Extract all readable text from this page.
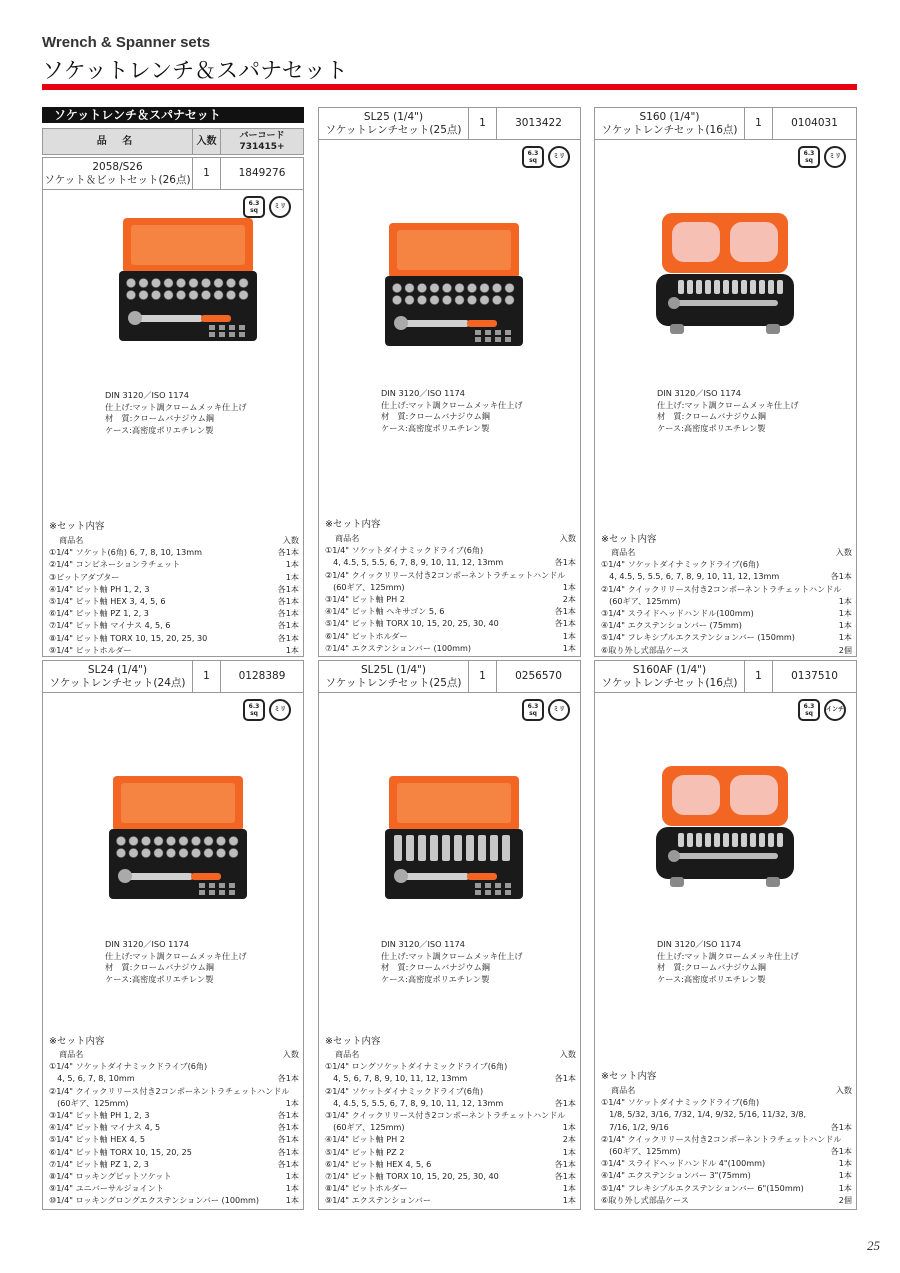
Wrench & Spanner sets
ソケットレンチ＆スパナセット
ソケットレンチ＆スパナセット
品 名	入数	バーコード
731415+
2058/S26
ソケット＆ビットセット(26点)
1	1849276
6.3
sq
ミリ
DIN 3120／ISO 1174
仕上げ:マット調クロームメッキ仕上げ
材　質:クロームバナジウム鋼
ケース:高密度ポリエチレン製
※セット内容
商品名	入数
①1/4" ソケット(6角) 6, 7, 8, 10, 13mm	各1本
②1/4" コンビネーションラチェット	1本
③ビットアダプター	1本
④1/4" ビット軸 PH 1, 2, 3	各1本
⑤1/4" ビット軸 HEX 3, 4, 5, 6	各1本
⑥1/4" ビット軸 PZ 1, 2, 3	各1本
⑦1/4" ビット軸 マイナス 4, 5, 6	各1本
⑧1/4" ビット軸 TORX 10, 15, 20, 25, 30	各1本
⑨1/4" ビットホルダー	1本
SL25 (1/4")
ソケットレンチセット(25点)
1	3013422
6.3
sq
ミリ
DIN 3120／ISO 1174
仕上げ:マット調クロームメッキ仕上げ
材　質:クロームバナジウム鋼
ケース:高密度ポリエチレン製
※セット内容
商品名	入数
①1/4" ソケットダイナミックドライブ(6角)
　4, 4.5, 5, 5.5, 6, 7, 8, 9, 10, 11, 12, 13mm	各1本
②1/4" クイックリリース付き2コンポーネントラチェットハンドル
　(60ギア、125mm)	1本
③1/4" ビット軸 PH 2	2本
④1/4" ビット軸 ヘキサゴン 5, 6	各1本
⑤1/4" ビット軸 TORX 10, 15, 20, 25, 30, 40	各1本
⑥1/4" ビットホルダー	1本
⑦1/4" エクステンションバー (100mm)	1本
S160 (1/4")
ソケットレンチセット(16点)
1	0104031
6.3
sq
ミリ
DIN 3120／ISO 1174
仕上げ:マット調クロームメッキ仕上げ
材　質:クロームバナジウム鋼
ケース:高密度ポリエチレン製
※セット内容
商品名	入数
①1/4" ソケットダイナミックドライブ(6角)
　4, 4.5, 5, 5.5, 6, 7, 8, 9, 10, 11, 12, 13mm	各1本
②1/4" クイックリリース付き2コンポーネントラチェットハンドル
　(60ギア、125mm)	1本
③1/4" スライドヘッドハンドル(100mm)	1本
④1/4" エクステンションバー (75mm)	1本
⑤1/4" フレキシブルエクステンションバー (150mm)	1本
⑥取り外し式部品ケース	2個
SL24 (1/4")
ソケットレンチセット(24点)
1	0128389
6.3
sq
ミリ
DIN 3120／ISO 1174
仕上げ:マット調クロームメッキ仕上げ
材　質:クロームバナジウム鋼
ケース:高密度ポリエチレン製
※セット内容
商品名	入数
①1/4" ソケットダイナミックドライブ(6角)
　4, 5, 6, 7, 8, 10mm	各1本
②1/4" クイックリリース付き2コンポーネントラチェットハンドル
　(60ギア、125mm)	1本
③1/4" ビット軸 PH 1, 2, 3	各1本
④1/4" ビット軸 マイナス 4, 5	各1本
⑤1/4" ビット軸 HEX 4, 5	各1本
⑥1/4" ビット軸 TORX 10, 15, 20, 25	各1本
⑦1/4" ビット軸 PZ 1, 2, 3	各1本
⑧1/4" ロッキングビットソケット	1本
⑨1/4" ユニバーサルジョイント	1本
⑩1/4" ロッキングロングエクステンションバー (100mm)	1本
SL25L (1/4")
ソケットレンチセット(25点)
1	0256570
6.3
sq
ミリ
DIN 3120／ISO 1174
仕上げ:マット調クロームメッキ仕上げ
材　質:クロームバナジウム鋼
ケース:高密度ポリエチレン製
※セット内容
商品名	入数
①1/4" ロングソケットダイナミックドライブ(6角)
　4, 5, 6, 7, 8, 9, 10, 11, 12, 13mm	各1本
②1/4" ソケットダイナミックドライブ(6角)
　4, 4.5, 5, 5.5, 6, 7, 8, 9, 10, 11, 12, 13mm	各1本
③1/4" クイックリリース付き2コンポーネントラチェットハンドル
　(60ギア、125mm)	1本
④1/4" ビット軸 PH 2	2本
⑤1/4" ビット軸 PZ 2	1本
⑥1/4" ビット軸 HEX 4, 5, 6	各1本
⑦1/4" ビット軸 TORX 10, 15, 20, 25, 30, 40	各1本
⑧1/4" ビットホルダー	1本
⑨1/4" エクステンションバー	1本
S160AF (1/4")
ソケットレンチセット(16点)
1	0137510
6.3
sq
インチ
DIN 3120／ISO 1174
仕上げ:マット調クロームメッキ仕上げ
材　質:クロームバナジウム鋼
ケース:高密度ポリエチレン製
※セット内容
商品名	入数
①1/4" ソケットダイナミックドライブ(6角)
　1/8, 5/32, 3/16, 7/32, 1/4, 9/32, 5/16, 11/32, 3/8,
　7/16, 1/2, 9/16	各1本
②1/4" クイックリリース付き2コンポーネントラチェットハンドル
　(60ギア、125mm)	各1本
③1/4" スライドヘッドハンドル 4"(100mm)	1本
④1/4" エクステンションバー 3"(75mm)	1本
⑤1/4" フレキシブルエクステンションバー 6"(150mm)	1本
⑥取り外し式部品ケース	2個
25
